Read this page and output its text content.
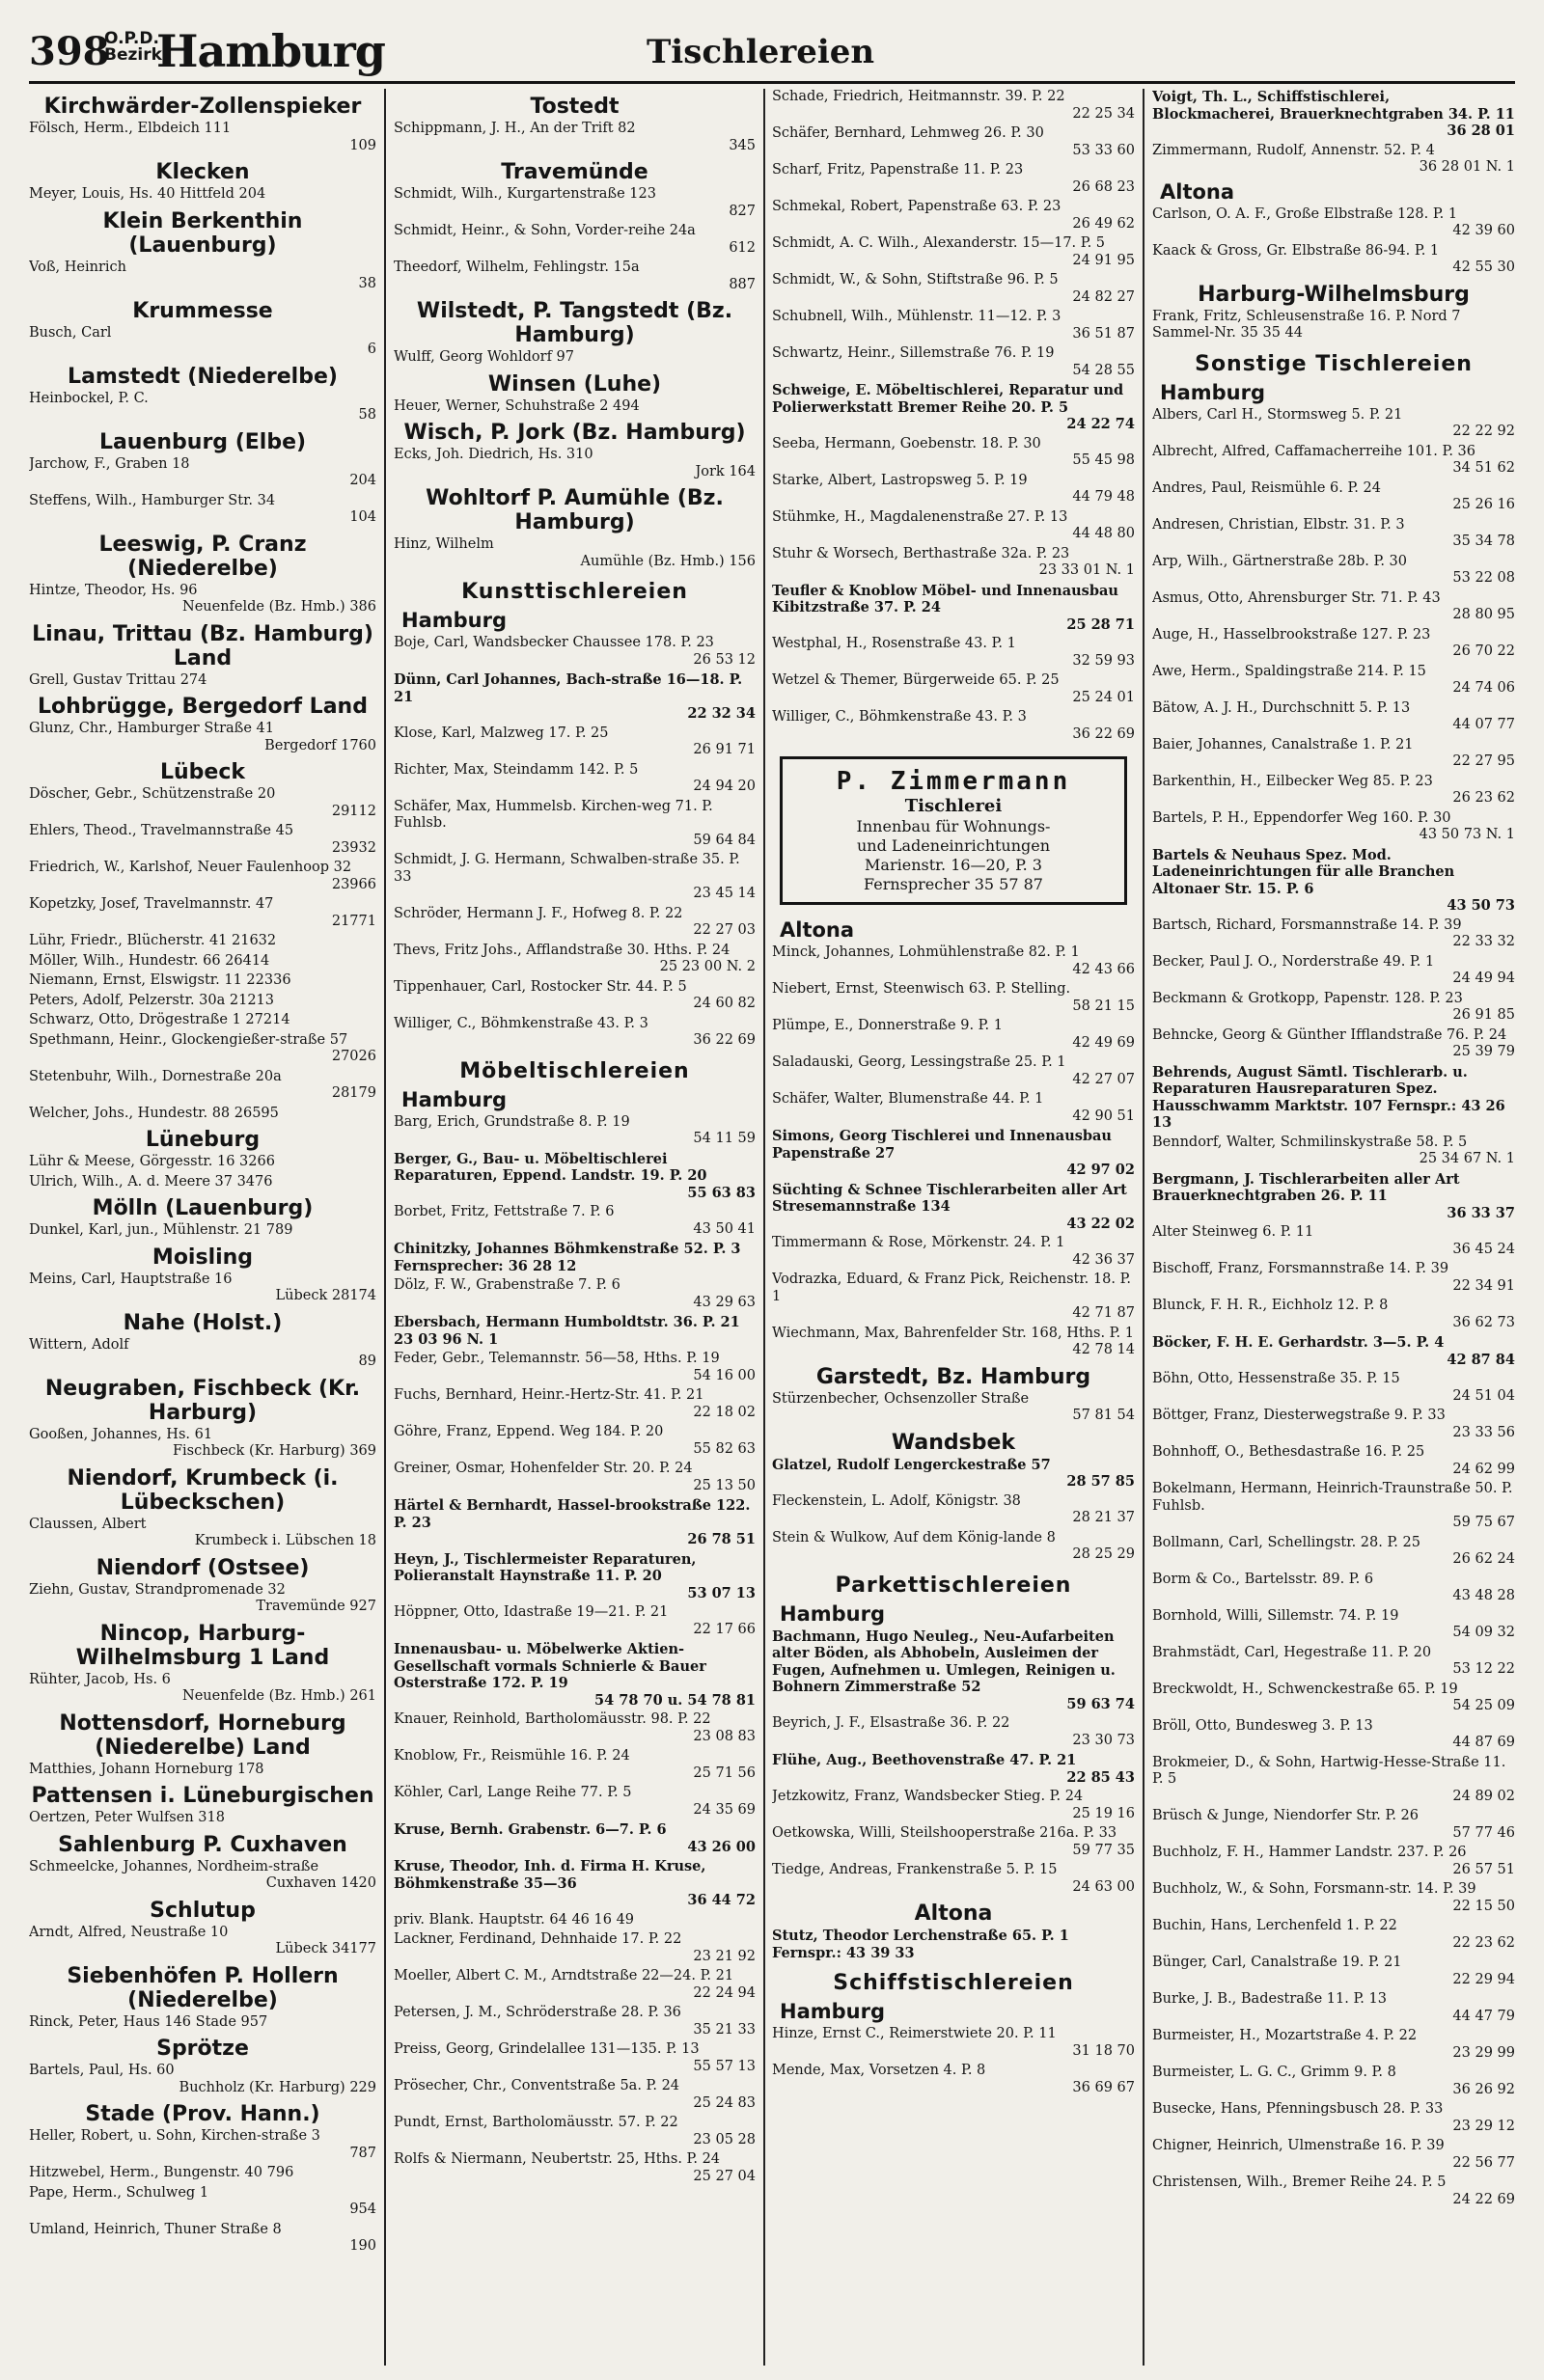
398
O.P.D.
Bezirk
Hamburg	Tischlereien
Kirchwärder-Zollenspieker
Fölsch, Herm., Elbdeich 111
109
Klecken
Meyer, Louis, Hs. 40 Hittfeld 204
Klein Berkenthin (Lauenburg)
Voß, Heinrich
38
Krummesse
Busch, Carl
6
Lamstedt (Niederelbe)
Heinbockel, P. C.
58
Lauenburg (Elbe)
Jarchow, F., Graben 18
204
Steffens, Wilh., Hamburger Str. 34
104
Leeswig, P. Cranz (Niederelbe)
Hintze, Theodor, Hs. 96
Neuenfelde (Bz. Hmb.) 386
Linau, Trittau (Bz. Hamburg) Land
Grell, Gustav Trittau 274
Lohbrügge, Bergedorf Land
Glunz, Chr., Hamburger Straße 41
Bergedorf 1760
Lübeck
Döscher, Gebr., Schützenstraße 20
29112
Ehlers, Theod., Travelmannstraße 45
23932
Friedrich, W., Karlshof, Neuer Faulenhoop 32
23966
Kopetzky, Josef, Travelmannstr. 47
21771
Lühr, Friedr., Blücherstr. 41 21632
Möller, Wilh., Hundestr. 66 26414
Niemann, Ernst, Elswigstr. 11 22336
Peters, Adolf, Pelzerstr. 30a 21213
Schwarz, Otto, Drögestraße 1 27214
Spethmann, Heinr., Glockengießer-straße 57
27026
Stetenbuhr, Wilh., Dornestraße 20a
28179
Welcher, Johs., Hundestr. 88 26595
Lüneburg
Lühr & Meese, Görgesstr. 16 3266
Ulrich, Wilh., A. d. Meere 37 3476
Mölln (Lauenburg)
Dunkel, Karl, jun., Mühlenstr. 21 789
Moisling
Meins, Carl, Hauptstraße 16
Lübeck 28174
Nahe (Holst.)
Wittern, Adolf
89
Neugraben, Fischbeck (Kr. Harburg)
Gooßen, Johannes, Hs. 61
Fischbeck (Kr. Harburg) 369
Niendorf, Krumbeck (i. Lübeckschen)
Claussen, Albert
Krumbeck i. Lübschen 18
Niendorf (Ostsee)
Ziehn, Gustav, Strandpromenade 32
Travemünde 927
Nincop, Harburg-Wilhelmsburg 1 Land
Rühter, Jacob, Hs. 6
Neuenfelde (Bz. Hmb.) 261
Nottensdorf, Horneburg (Niederelbe) Land
Matthies, Johann Horneburg 178
Pattensen i. Lüneburgischen
Oertzen, Peter Wulfsen 318
Sahlenburg P. Cuxhaven
Schmeelcke, Johannes, Nordheim-straße
Cuxhaven 1420
Schlutup
Arndt, Alfred, Neustraße 10
Lübeck 34177
Siebenhöfen P. Hollern (Niederelbe)
Rinck, Peter, Haus 146 Stade 957
Sprötze
Bartels, Paul, Hs. 60
Buchholz (Kr. Harburg) 229
Stade (Prov. Hann.)
Heller, Robert, u. Sohn, Kirchen-straße 3
787
Hitzwebel, Herm., Bungenstr. 40 796
Pape, Herm., Schulweg 1
954
Umland, Heinrich, Thuner Straße 8
190
Tostedt
Schippmann, J. H., An der Trift 82
345
Travemünde
Schmidt, Wilh., Kurgartenstraße 123
827
Schmidt, Heinr., & Sohn, Vorder-reihe 24a
612
Theedorf, Wilhelm, Fehlingstr. 15a
887
Wilstedt, P. Tangstedt (Bz. Hamburg)
Wulff, Georg Wohldorf 97
Winsen (Luhe)
Heuer, Werner, Schuhstraße 2 494
Wisch, P. Jork (Bz. Hamburg)
Ecks, Joh. Diedrich, Hs. 310
Jork 164
Wohltorf P. Aumühle (Bz. Hamburg)
Hinz, Wilhelm
Aumühle (Bz. Hmb.) 156
Kunsttischlereien
Hamburg
Boje, Carl, Wandsbecker Chaussee 178. P. 23
26 53 12
Dünn, Carl Johannes, Bach-straße 16—18. P. 21
22 32 34
Klose, Karl, Malzweg 17. P. 25
26 91 71
Richter, Max, Steindamm 142. P. 5
24 94 20
Schäfer, Max, Hummelsb. Kirchen-weg 71. P. Fuhlsb.
59 64 84
Schmidt, J. G. Hermann, Schwalben-straße 35. P. 33
23 45 14
Schröder, Hermann J. F., Hofweg 8. P. 22
22 27 03
Thevs, Fritz Johs., Afflandstraße 30. Hths. P. 24
25 23 00 N. 2
Tippenhauer, Carl, Rostocker Str. 44. P. 5
24 60 82
Williger, C., Böhmkenstraße 43. P. 3
36 22 69
Möbeltischlereien
Hamburg
Barg, Erich, Grundstraße 8. P. 19
54 11 59
Berger, G., Bau- u. Möbeltischlerei Reparaturen, Eppend. Landstr. 19. P. 20
55 63 83
Borbet, Fritz, Fettstraße 7. P. 6
43 50 41
Chinitzky, Johannes Böhmkenstraße 52. P. 3 Fernsprecher: 36 28 12
Dölz, F. W., Grabenstraße 7. P. 6
43 29 63
Ebersbach, Hermann Humboldtstr. 36. P. 21 23 03 96 N. 1
Feder, Gebr., Telemannstr. 56—58, Hths. P. 19
54 16 00
Fuchs, Bernhard, Heinr.-Hertz-Str. 41. P. 21
22 18 02
Göhre, Franz, Eppend. Weg 184. P. 20
55 82 63
Greiner, Osmar, Hohenfelder Str. 20. P. 24
25 13 50
Härtel & Bernhardt, Hassel-brookstraße 122. P. 23
26 78 51
Heyn, J., Tischlermeister Reparaturen, Polieranstalt Haynstraße 11. P. 20
53 07 13
Höppner, Otto, Idastraße 19—21. P. 21
22 17 66
Innenausbau- u. Möbelwerke Aktien-Gesellschaft vormals Schnierle & Bauer Osterstraße 172. P. 19
54 78 70 u. 54 78 81
Knauer, Reinhold, Bartholomäusstr. 98. P. 22
23 08 83
Knoblow, Fr., Reismühle 16. P. 24
25 71 56
Köhler, Carl, Lange Reihe 77. P. 5
24 35 69
Kruse, Bernh. Grabenstr. 6—7. P. 6
43 26 00
Kruse, Theodor, Inh. d. Firma H. Kruse, Böhmkenstraße 35—36
36 44 72
priv. Blank. Hauptstr. 64 46 16 49
Lackner, Ferdinand, Dehnhaide 17. P. 22
23 21 92
Moeller, Albert C. M., Arndtstraße 22—24. P. 21
22 24 94
Petersen, J. M., Schröderstraße 28. P. 36
35 21 33
Preiss, Georg, Grindelallee 131—135. P. 13
55 57 13
Prösecher, Chr., Conventstraße 5a. P. 24
25 24 83
Pundt, Ernst, Bartholomäusstr. 57. P. 22
23 05 28
Rolfs & Niermann, Neubertstr. 25, Hths. P. 24
25 27 04
Schade, Friedrich, Heitmannstr. 39. P. 22
22 25 34
Schäfer, Bernhard, Lehmweg 26. P. 30
53 33 60
Scharf, Fritz, Papenstraße 11. P. 23
26 68 23
Schmekal, Robert, Papenstraße 63. P. 23
26 49 62
Schmidt, A. C. Wilh., Alexanderstr. 15—17. P. 5
24 91 95
Schmidt, W., & Sohn, Stiftstraße 96. P. 5
24 82 27
Schubnell, Wilh., Mühlenstr. 11—12. P. 3
36 51 87
Schwartz, Heinr., Sillemstraße 76. P. 19
54 28 55
Schweige, E. Möbeltischlerei, Reparatur und Polierwerkstatt Bremer Reihe 20. P. 5
24 22 74
Seeba, Hermann, Goebenstr. 18. P. 30
55 45 98
Starke, Albert, Lastropsweg 5. P. 19
44 79 48
Stühmke, H., Magdalenenstraße 27. P. 13
44 48 80
Stuhr & Worsech, Berthastraße 32a. P. 23
23 33 01 N. 1
Teufler & Knoblow Möbel- und Innenausbau Kibitzstraße 37. P. 24
25 28 71
Westphal, H., Rosenstraße 43. P. 1
32 59 93
Wetzel & Themer, Bürgerweide 65. P. 25
25 24 01
Williger, C., Böhmkenstraße 43. P. 3
36 22 69
P. Zimmermann
Tischlerei
Innenbau für Wohnungs-
und Ladeneinrichtungen
Marienstr. 16—20, P. 3
Fernsprecher 35 57 87
Altona
Minck, Johannes, Lohmühlenstraße 82. P. 1
42 43 66
Niebert, Ernst, Steenwisch 63. P. Stelling.
58 21 15
Plümpe, E., Donnerstraße 9. P. 1
42 49 69
Saladauski, Georg, Lessingstraße 25. P. 1
42 27 07
Schäfer, Walter, Blumenstraße 44. P. 1
42 90 51
Simons, Georg Tischlerei und Innenausbau Papenstraße 27
42 97 02
Süchting & Schnee Tischlerarbeiten aller Art Stresemannstraße 134
43 22 02
Timmermann & Rose, Mörkenstr. 24. P. 1
42 36 37
Vodrazka, Eduard, & Franz Pick, Reichenstr. 18. P. 1
42 71 87
Wiechmann, Max, Bahrenfelder Str. 168, Hths. P. 1
42 78 14
Garstedt, Bz. Hamburg
Stürzenbecher, Ochsenzoller Straße
57 81 54
Wandsbek
Glatzel, Rudolf Lengerckestraße 57
28 57 85
Fleckenstein, L. Adolf, Königstr. 38
28 21 37
Stein & Wulkow, Auf dem König-lande 8
28 25 29
Parkettischlereien
Hamburg
Bachmann, Hugo Neuleg., Neu-Aufarbeiten alter Böden, als Abhobeln, Ausleimen der Fugen, Aufnehmen u. Umlegen, Reinigen u. Bohnern Zimmerstraße 52
59 63 74
Beyrich, J. F., Elsastraße 36. P. 22
23 30 73
Flühe, Aug., Beethovenstraße 47. P. 21
22 85 43
Jetzkowitz, Franz, Wandsbecker Stieg. P. 24
25 19 16
Oetkowska, Willi, Steilshooperstraße 216a. P. 33
59 77 35
Tiedge, Andreas, Frankenstraße 5. P. 15
24 63 00
Altona
Stutz, Theodor Lerchenstraße 65. P. 1 Fernspr.: 43 39 33
Schiffstischlereien
Hamburg
Hinze, Ernst C., Reimerstwiete 20. P. 11
31 18 70
Mende, Max, Vorsetzen 4. P. 8
36 69 67
Voigt, Th. L., Schiffstischlerei, Blockmacherei, Brauerknechtgraben 34. P. 11
36 28 01
Zimmermann, Rudolf, Annenstr. 52. P. 4
36 28 01 N. 1
Altona
Carlson, O. A. F., Große Elbstraße 128. P. 1
42 39 60
Kaack & Gross, Gr. Elbstraße 86-94. P. 1
42 55 30
Harburg-Wilhelmsburg
Frank, Fritz, Schleusenstraße 16. P. Nord 7 Sammel-Nr. 35 35 44
Sonstige Tischlereien
Hamburg
Albers, Carl H., Stormsweg 5. P. 21
22 22 92
Albrecht, Alfred, Caffamacherreihe 101. P. 36
34 51 62
Andres, Paul, Reismühle 6. P. 24
25 26 16
Andresen, Christian, Elbstr. 31. P. 3
35 34 78
Arp, Wilh., Gärtnerstraße 28b. P. 30
53 22 08
Asmus, Otto, Ahrensburger Str. 71. P. 43
28 80 95
Auge, H., Hasselbrookstraße 127. P. 23
26 70 22
Awe, Herm., Spaldingstraße 214. P. 15
24 74 06
Bätow, A. J. H., Durchschnitt 5. P. 13
44 07 77
Baier, Johannes, Canalstraße 1. P. 21
22 27 95
Barkenthin, H., Eilbecker Weg 85. P. 23
26 23 62
Bartels, P. H., Eppendorfer Weg 160. P. 30
43 50 73 N. 1
Bartels & Neuhaus Spez. Mod. Ladeneinrichtungen für alle Branchen Altonaer Str. 15. P. 6
43 50 73
Bartsch, Richard, Forsmannstraße 14. P. 39
22 33 32
Becker, Paul J. O., Norderstraße 49. P. 1
24 49 94
Beckmann & Grotkopp, Papenstr. 128. P. 23
26 91 85
Behncke, Georg & Günther Ifflandstraße 76. P. 24
25 39 79
Behrends, August Sämtl. Tischlerarb. u. Reparaturen Hausreparaturen Spez. Hausschwamm Marktstr. 107 Fernspr.: 43 26 13
Benndorf, Walter, Schmilinskystraße 58. P. 5
25 34 67 N. 1
Bergmann, J. Tischlerarbeiten aller Art Brauerknechtgraben 26. P. 11
36 33 37
Alter Steinweg 6. P. 11
36 45 24
Bischoff, Franz, Forsmannstraße 14. P. 39
22 34 91
Blunck, F. H. R., Eichholz 12. P. 8
36 62 73
Böcker, F. H. E. Gerhardstr. 3—5. P. 4
42 87 84
Böhn, Otto, Hessenstraße 35. P. 15
24 51 04
Böttger, Franz, Diesterwegstraße 9. P. 33
23 33 56
Bohnhoff, O., Bethesdastraße 16. P. 25
24 62 99
Bokelmann, Hermann, Heinrich-Traunstraße 50. P. Fuhlsb.
59 75 67
Bollmann, Carl, Schellingstr. 28. P. 25
26 62 24
Borm & Co., Bartelsstr. 89. P. 6
43 48 28
Bornhold, Willi, Sillemstr. 74. P. 19
54 09 32
Brahmstädt, Carl, Hegestraße 11. P. 20
53 12 22
Breckwoldt, H., Schwenckestraße 65. P. 19
54 25 09
Bröll, Otto, Bundesweg 3. P. 13
44 87 69
Brokmeier, D., & Sohn, Hartwig-Hesse-Straße 11. P. 5
24 89 02
Brüsch & Junge, Niendorfer Str. P. 26
57 77 46
Buchholz, F. H., Hammer Landstr. 237. P. 26
26 57 51
Buchholz, W., & Sohn, Forsmann-str. 14. P. 39
22 15 50
Buchin, Hans, Lerchenfeld 1. P. 22
22 23 62
Bünger, Carl, Canalstraße 19. P. 21
22 29 94
Burke, J. B., Badestraße 11. P. 13
44 47 79
Burmeister, H., Mozartstraße 4. P. 22
23 29 99
Burmeister, L. G. C., Grimm 9. P. 8
36 26 92
Busecke, Hans, Pfenningsbusch 28. P. 33
23 29 12
Chigner, Heinrich, Ulmenstraße 16. P. 39
22 56 77
Christensen, Wilh., Bremer Reihe 24. P. 5
24 22 69
